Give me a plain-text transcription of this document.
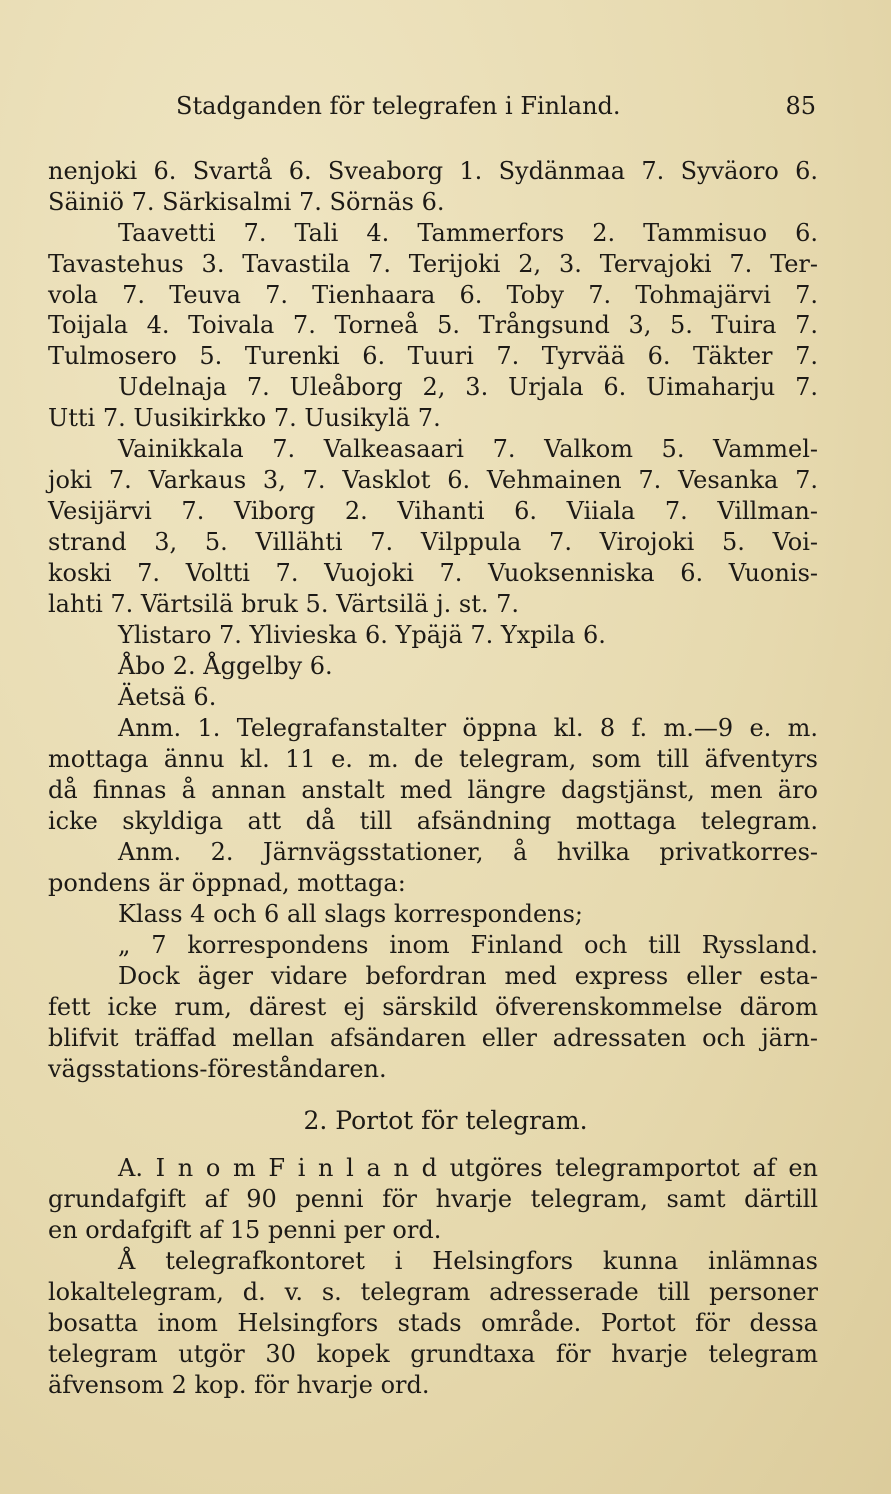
Stadganden för telegrafen i Finland.	85
nenjoki 6. Svartå 6. Sveaborg 1. Sydänmaa 7. Syväoro 6.
Säiniö 7. Särkisalmi 7. Sörnäs 6.
Taavetti 7. Tali 4. Tammerfors 2. Tammisuo 6.
Tavastehus 3. Tavastila 7. Terijoki 2, 3. Tervajoki 7. Ter-
vola 7. Teuva 7. Tienhaara 6. Toby 7. Tohmajärvi 7.
Toijala 4. Toivala 7. Torneå 5. Trångsund 3, 5. Tuira 7.
Tulmosero 5. Turenki 6. Tuuri 7. Tyrvää 6. Täkter 7.
Udelnaja 7. Uleåborg 2, 3. Urjala 6. Uimaharju 7.
Utti 7. Uusikirkko 7. Uusikylä 7.
Vainikkala 7. Valkeasaari 7. Valkom 5. Vammel-
joki 7. Varkaus 3, 7. Vasklot 6. Vehmainen 7. Vesanka 7.
Vesijärvi 7. Viborg 2. Vihanti 6. Viiala 7. Villman-
strand 3, 5. Villähti 7. Vilppula 7. Virojoki 5. Voi-
koski 7. Voltti 7. Vuojoki 7. Vuoksenniska 6. Vuonis-
lahti 7. Värtsilä bruk 5. Värtsilä j. st. 7.
Ylistaro 7. Ylivieska 6. Ypäjä 7. Yxpila 6.
Åbo 2. Åggelby 6.
Äetsä 6.
Anm. 1. Telegrafanstalter öppna kl. 8 f. m.—9 e. m.
mottaga ännu kl. 11 e. m. de telegram, som till äfventyrs
då finnas å annan anstalt med längre dagstjänst, men äro
icke skyldiga att då till afsändning mottaga telegram.
Anm. 2. Järnvägsstationer, å hvilka privatkorres-
pondens är öppnad, mottaga:
Klass 4 och 6 all slags korrespondens;
„ 7 korrespondens inom Finland och till Ryssland.
Dock äger vidare befordran med express eller esta-
fett icke rum, därest ej särskild öfverenskommelse därom
blifvit träffad mellan afsändaren eller adressaten och järn-
vägsstations-föreståndaren.
2. Portot för telegram.
A. I n o m F i n l a n d utgöres telegramportot af en
grundafgift af 90 penni för hvarje telegram, samt därtill
en ordafgift af 15 penni per ord.
Å telegrafkontoret i Helsingfors kunna inlämnas
lokaltelegram, d. v. s. telegram adresserade till personer
bosatta inom Helsingfors stads område. Portot för dessa
telegram utgör 30 kopek grundtaxa för hvarje telegram
äfvensom 2 kop. för hvarje ord.
